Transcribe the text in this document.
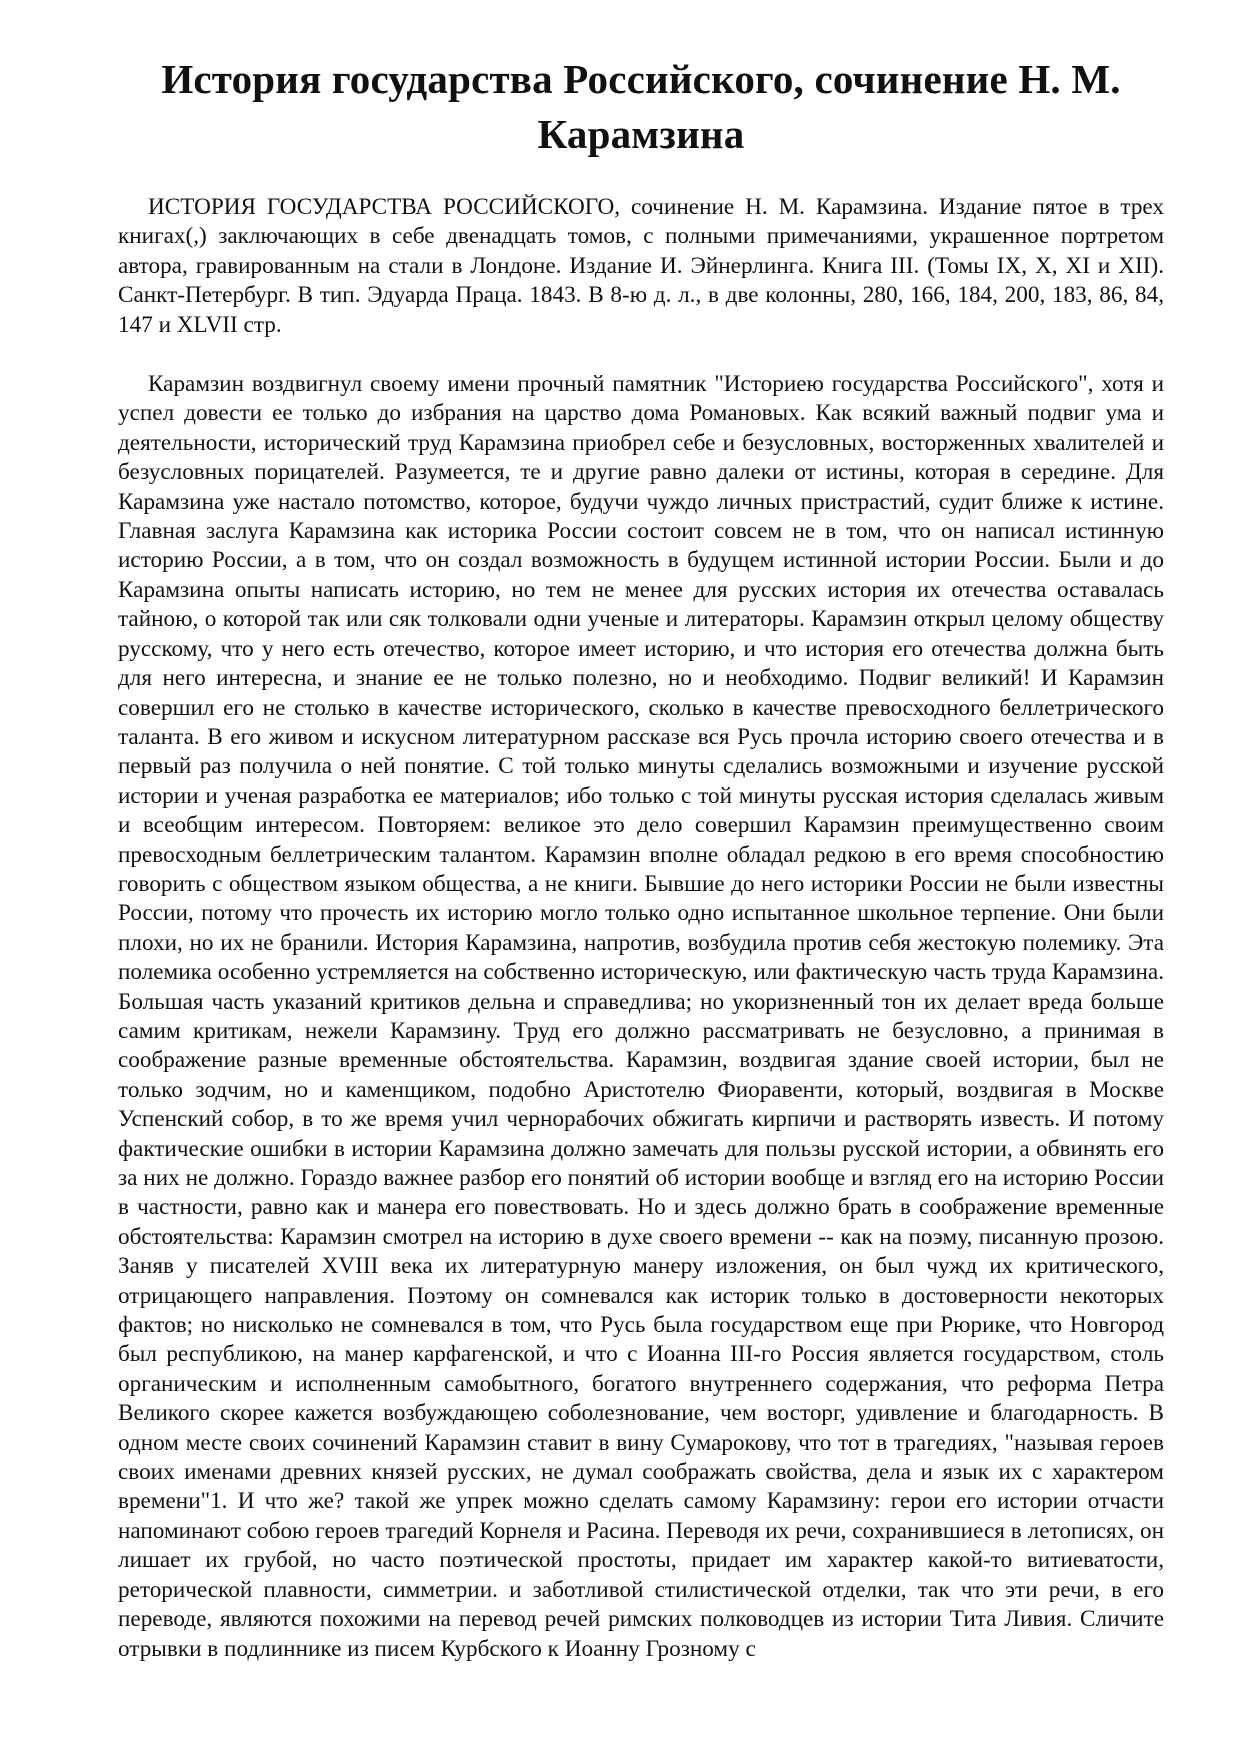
История государства Российского, сочинение Н. М. Карамзина

ИСТОРИЯ ГОСУДАРСТВА РОССИЙСКОГО, сочинение Н. М. Карамзина. Издание пятое в трех книгах(,) заключающих в себе двенадцать томов, с полными примечаниями, украшенное портретом автора, гравированным на стали в Лондоне. Издание И. Эйнерлинга. Книга III. (Томы IX, X, XI и XII). Санкт-Петербург. В тип. Эдуарда Праца. 1843. В 8-ю д. л., в две колонны, 280, 166, 184, 200, 183, 86, 84, 147 и XLVII стр.

Карамзин воздвигнул своему имени прочный памятник "Историею государства Российского", хотя и успел довести ее только до избрания на царство дома Романовых. Как всякий важный подвиг ума и деятельности, исторический труд Карамзина приобрел себе и безусловных, восторженных хвалителей и безусловных порицателей. Разумеется, те и другие равно далеки от истины, которая в середине. Для Карамзина уже настало потомство, которое, будучи чуждо личных пристрастий, судит ближе к истине. Главная заслуга Карамзина как историка России состоит совсем не в том, что он написал истинную историю России, а в том, что он создал возможность в будущем истинной истории России. Были и до Карамзина опыты написать историю, но тем не менее для русских история их отечества оставалась тайною, о которой так или сяк толковали одни ученые и литераторы. Карамзин открыл целому обществу русскому, что у него есть отечество, которое имеет историю, и что история его отечества должна быть для него интересна, и знание ее не только полезно, но и необходимо. Подвиг великий! И Карамзин совершил его не столько в качестве исторического, сколько в качестве превосходного беллетрического таланта. В его живом и искусном литературном рассказе вся Русь прочла историю своего отечества и в первый раз получила о ней понятие. С той только минуты сделались возможными и изучение русской истории и ученая разработка ее материалов; ибо только с той минуты русская история сделалась живым и всеобщим интересом. Повторяем: великое это дело совершил Карамзин преимущественно своим превосходным беллетрическим талантом. Карамзин вполне обладал редкою в его время способностию говорить с обществом языком общества, а не книги. Бывшие до него историки России не были известны России, потому что прочесть их историю могло только одно испытанное школьное терпение. Они были плохи, но их не бранили. История Карамзина, напротив, возбудила против себя жестокую полемику. Эта полемика особенно устремляется на собственно историческую, или фактическую часть труда Карамзина. Большая часть указаний критиков дельна и справедлива; но укоризненный тон их делает вреда больше самим критикам, нежели Карамзину. Труд его должно рассматривать не безусловно, а принимая в соображение разные временные обстоятельства. Карамзин, воздвигая здание своей истории, был не только зодчим, но и каменщиком, подобно Аристотелю Фиоравенти, который, воздвигая в Москве Успенский собор, в то же время учил чернорабочих обжигать кирпичи и растворять известь. И потому фактические ошибки в истории Карамзина должно замечать для пользы русской истории, а обвинять его за них не должно. Гораздо важнее разбор его понятий об истории вообще и взгляд его на историю России в частности, равно как и манера его повествовать. Но и здесь должно брать в соображение временные обстоятельства: Карамзин смотрел на историю в духе своего времени -- как на поэму, писанную прозою. Заняв у писателей XVIII века их литературную манеру изложения, он был чужд их критического, отрицающего направления. Поэтому он сомневался как историк только в достоверности некоторых фактов; но нисколько не сомневался в том, что Русь была государством еще при Рюрике, что Новгород был республикою, на манер карфагенской, и что с Иоанна III-го Россия является государством, столь органическим и исполненным самобытного, богатого внутреннего содержания, что реформа Петра Великого скорее кажется возбуждающею соболезнование, чем восторг, удивление и благодарность. В одном месте своих сочинений Карамзин ставит в вину Сумарокову, что тот в трагедиях, "называя героев своих именами древних князей русских, не думал соображать свойства, дела и язык их с характером времени"1. И что же? такой же упрек можно сделать самому Карамзину: герои его истории отчасти напоминают собою героев трагедий Корнеля и Расина. Переводя их речи, сохранившиеся в летописях, он лишает их грубой, но часто поэтической простоты, придает им характер какой-то витиеватости, реторической плавности, симметрии. и заботливой стилистической отделки, так что эти речи, в его переводе, являются похожими на перевод речей римских полководцев из истории Тита Ливия. Сличите отрывки в подлиннике из писем Курбского к Иоанну Грозному с
